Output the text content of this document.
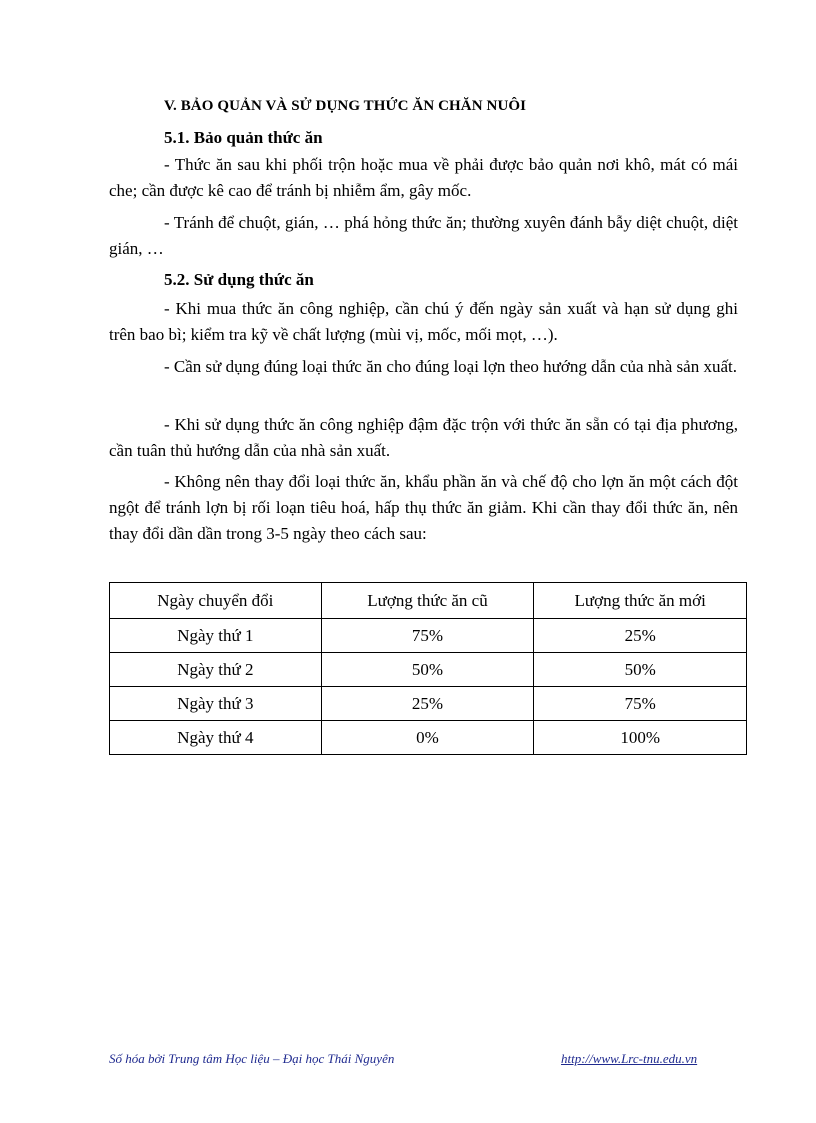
V. BẢO QUẢN VÀ SỬ DỤNG THỨC ĂN CHĂN NUÔI
5.1. Bảo quản thức ăn

- Thức ăn sau khi phối trộn hoặc mua về phải được bảo quản nơi khô, mát có mái che; cần được kê cao để tránh bị nhiễm ẩm, gây mốc.

- Tránh để chuột, gián, … phá hỏng thức ăn; thường xuyên đánh bẫy diệt chuột, diệt gián, …

5.2. Sử dụng thức ăn

- Khi mua thức ăn công nghiệp, cần chú ý đến ngày sản xuất và hạn sử dụng ghi trên bao bì; kiểm tra kỹ về chất lượng (mùi vị, mốc, mối mọt, …).

- Cần sử dụng đúng loại thức ăn cho đúng loại lợn theo hướng dẫn của nhà sản xuất.

- Khi sử dụng thức ăn công nghiệp đậm đặc trộn với thức ăn sẵn có tại địa phương, cần tuân thủ hướng dẫn của nhà sản xuất.

- Không nên thay đổi loại thức ăn, khẩu phần ăn và chế độ cho lợn ăn một cách đột ngột để tránh lợn bị rối loạn tiêu hoá, hấp thụ thức ăn giảm. Khi cần thay đổi thức ăn, nên thay đổi dần dần trong 3-5 ngày theo cách sau:

Ngày chuyển đổi	Lượng thức ăn cũ	Lượng thức ăn mới
Ngày thứ 1	75%	25%
Ngày thứ 2	50%	50%
Ngày thứ 3	25%	75%
Ngày thứ 4	0%	100%
Số hóa bởi Trung tâm Học liệu – Đại học Thái Nguyên	http://www.Lrc-tnu.edu.vn
